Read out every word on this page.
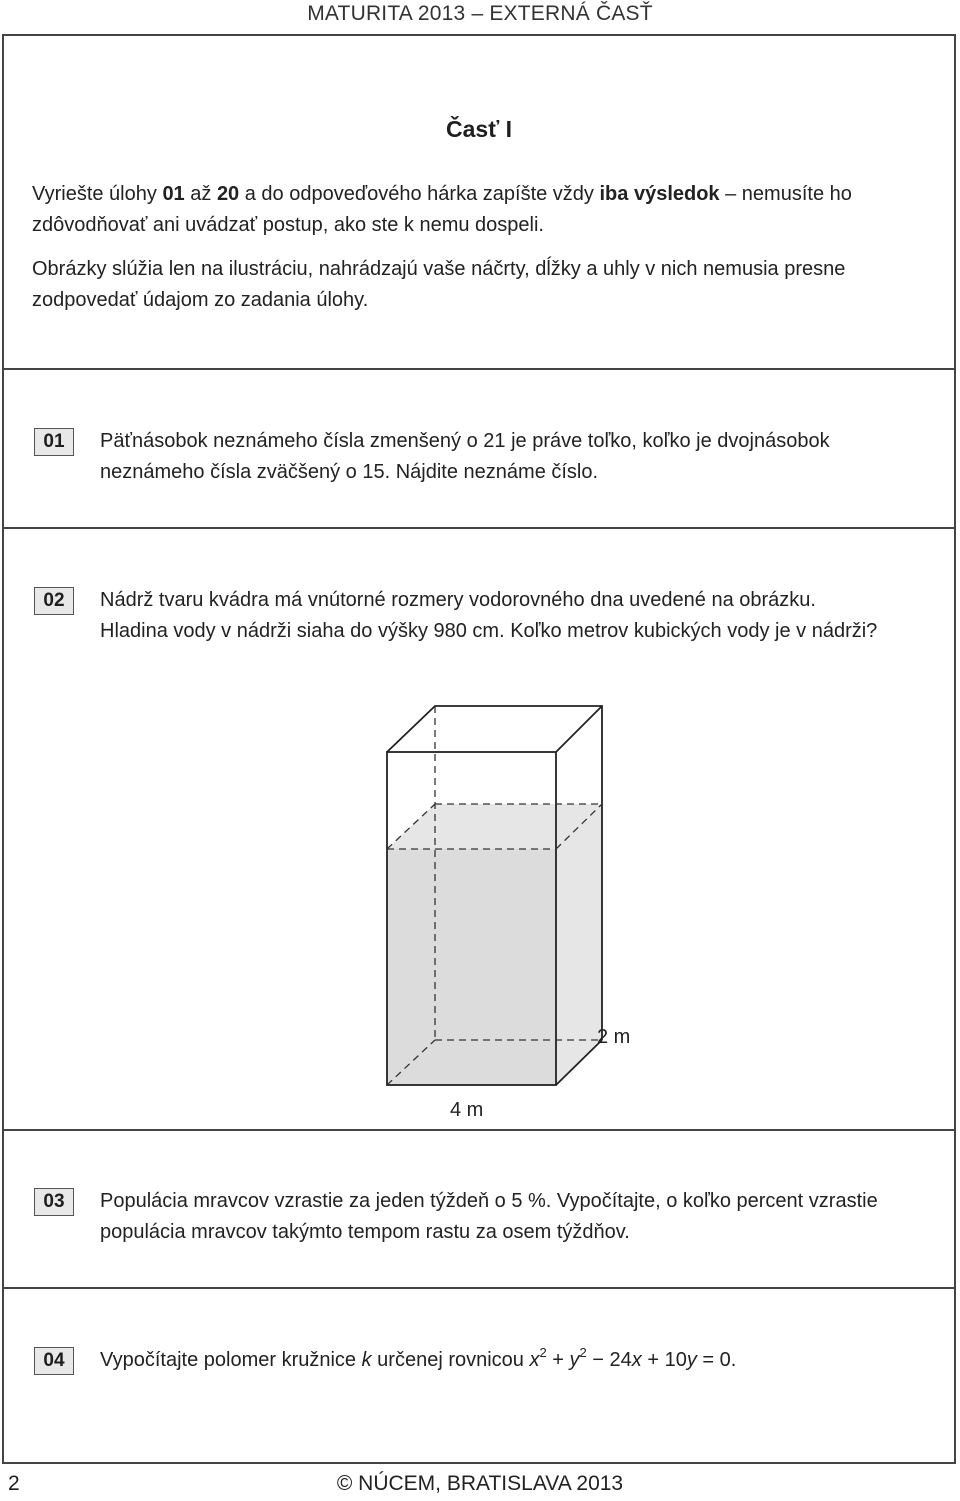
MATURITA 2013 – EXTERNÁ ČASŤ
Časť I
Vyriešte úlohy 01 až 20 a do odpoveďového hárka zapíšte vždy iba výsledok – nemusíte ho
zdôvodňovať ani uvádzať postup, ako ste k nemu dospeli.
Obrázky slúžia len na ilustráciu, nahrádzajú vaše náčrty, dĺžky a uhly v nich nemusia presne
zodpovedať údajom zo zadania úlohy.
01	Päťnásobok neznámeho čísla zmenšený o 21 je práve toľko, koľko je dvojnásobok
neznámeho čísla zväčšený o 15. Nájdite neznáme číslo.
02	Nádrž tvaru kvádra má vnútorné rozmery vodorovného dna uvedené na obrázku.
Hladina vody v nádrži siaha do výšky 980 cm. Koľko metrov kubických vody je v nádrži?
4 m
2 m
03	Populácia mravcov vzrastie za jeden týždeň o 5 %. Vypočítajte, o koľko percent vzrastie
populácia mravcov takýmto tempom rastu za osem týždňov.
04	Vypočítajte polomer kružnice k určenej rovnicou $x^2 + y^2 - 24x + 10y = 0$.
2	© NÚCEM, BRATISLAVA 2013
